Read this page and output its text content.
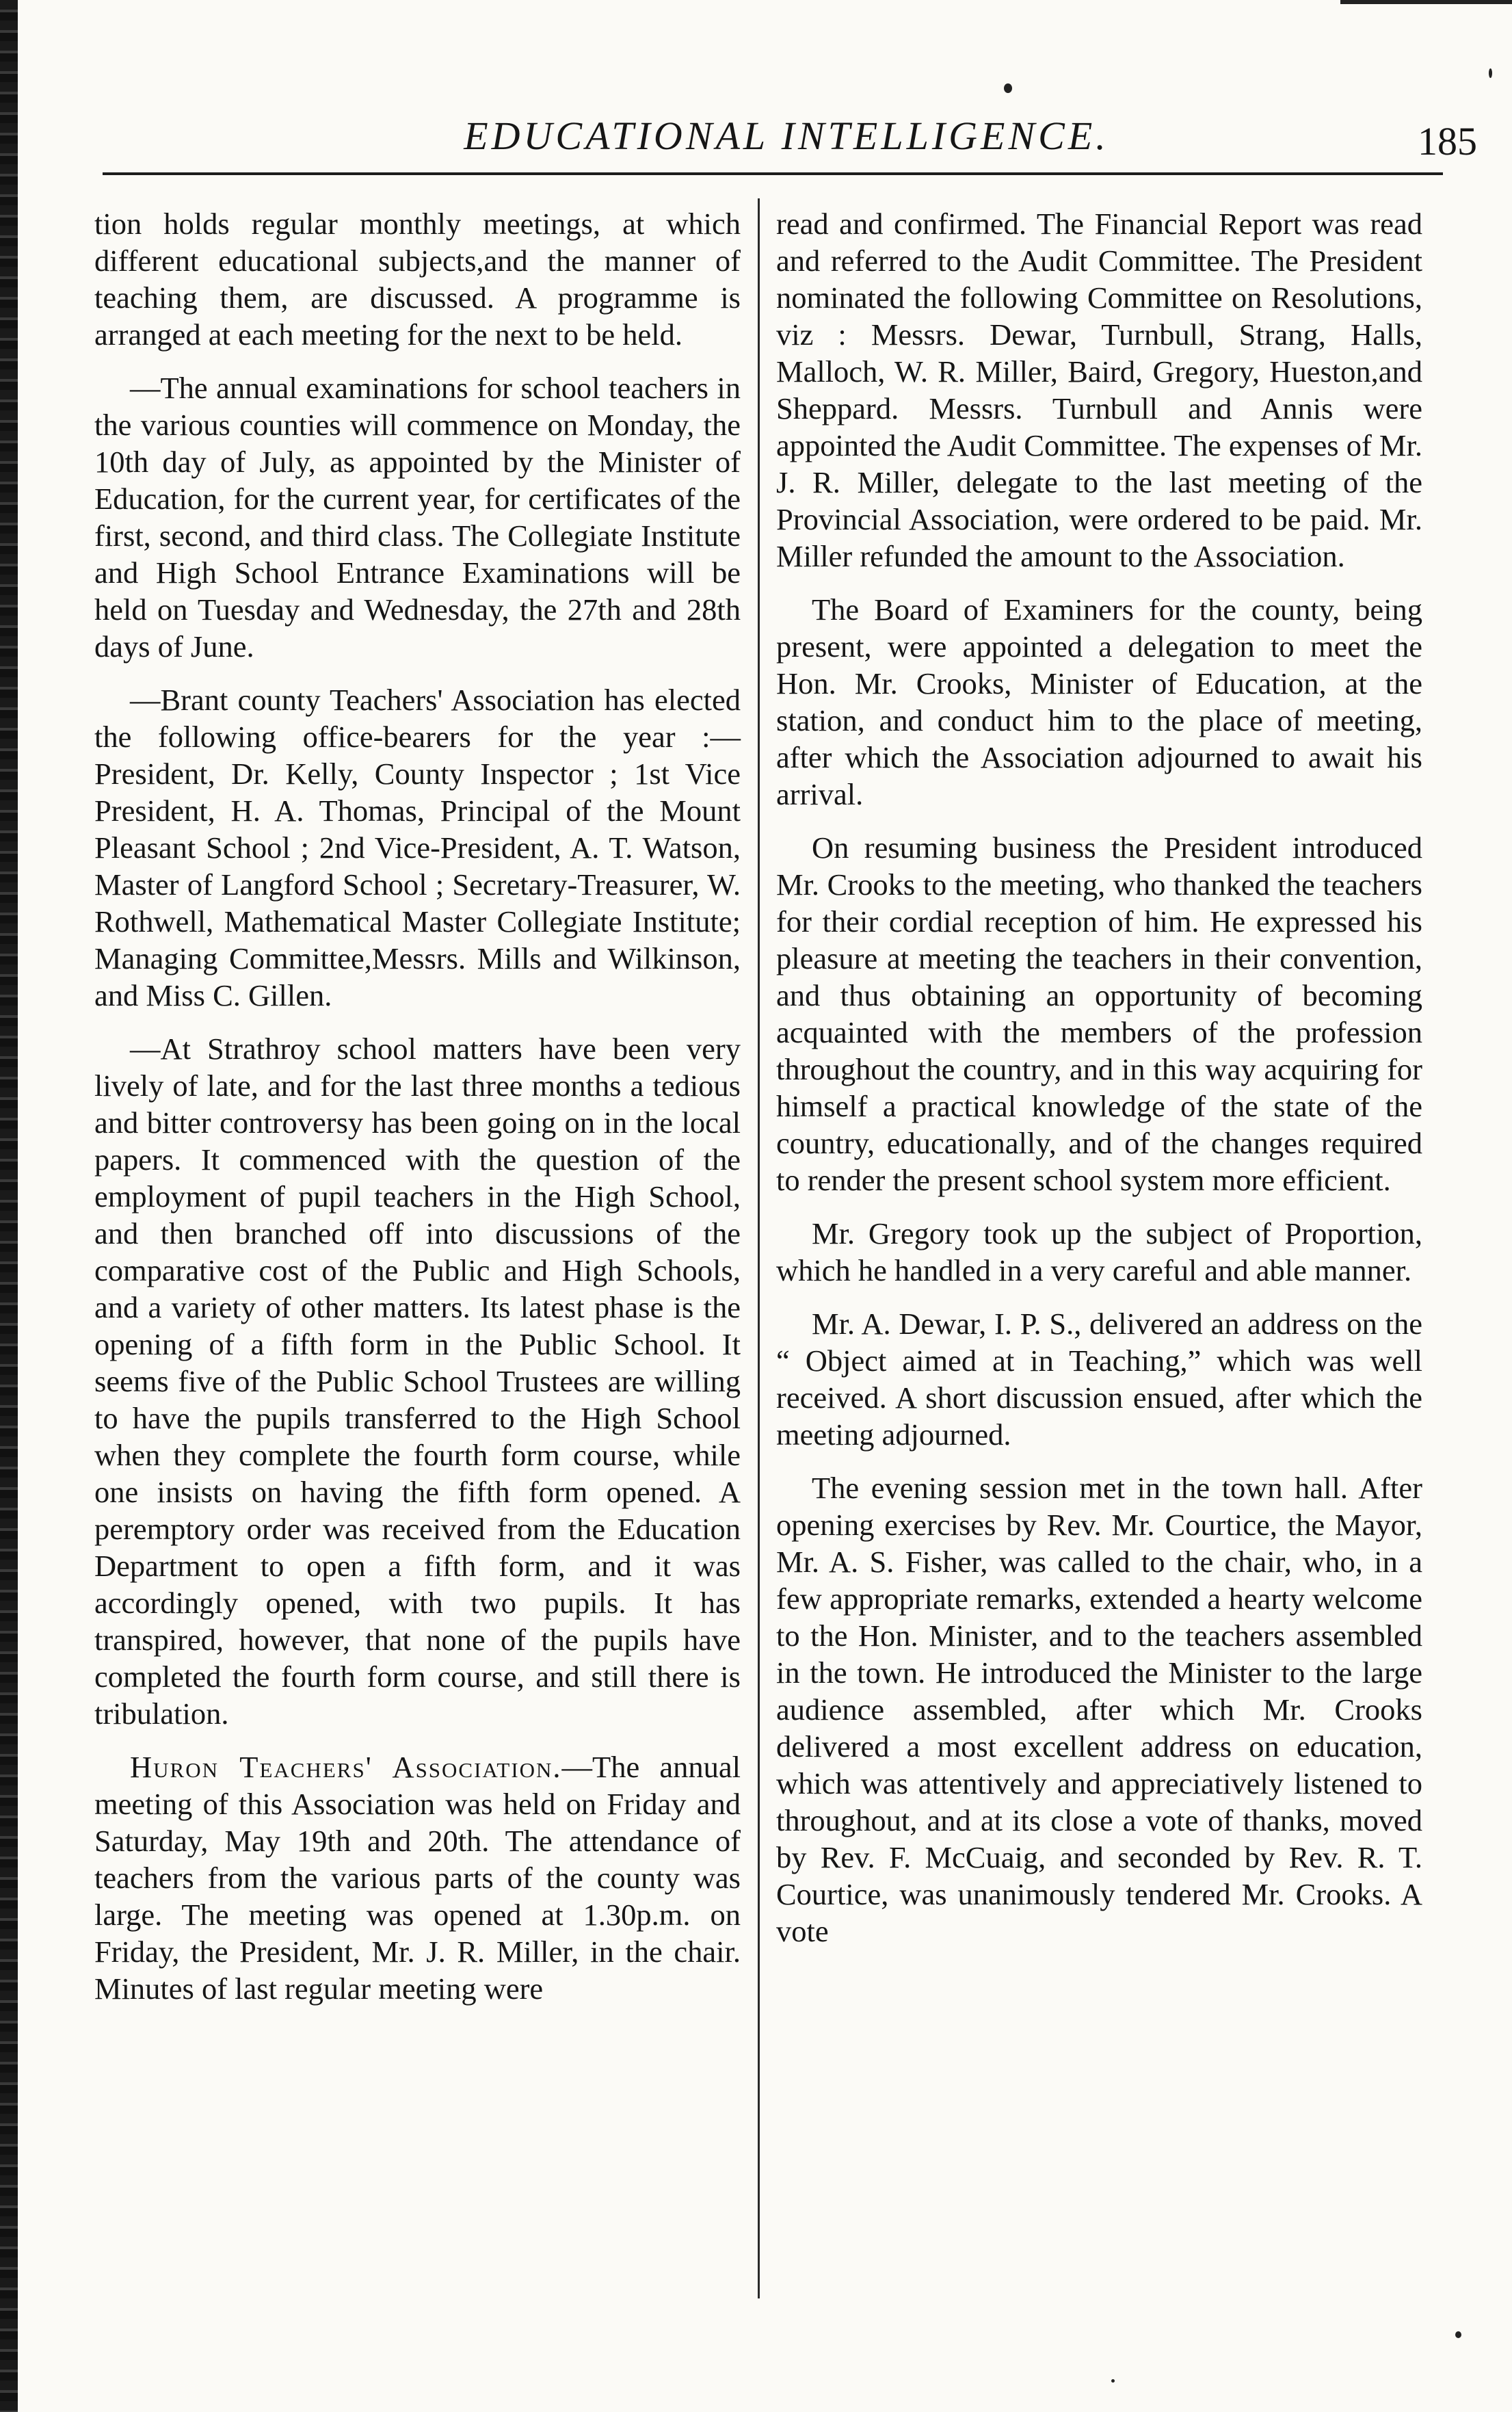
EDUCATIONAL INTELLIGENCE.	185

tion holds regular monthly meetings, at which different educational subjects,and the manner of teaching them, are discussed. A programme is arranged at each meeting for the next to be held.

—The annual examinations for school teachers in the various counties will commence on Monday, the 10th day of July, as appointed by the Minister of Education, for the current year, for certificates of the first, second, and third class. The Collegiate Institute and High School Entrance Examinations will be held on Tuesday and Wednesday, the 27th and 28th days of June.

—Brant county Teachers' Association has elected the following office-bearers for the year :—President, Dr. Kelly, County Inspector ; 1st Vice President, H. A. Thomas, Principal of the Mount Pleasant School ; 2nd Vice-President, A. T. Watson, Master of Langford School ; Secretary-Treasurer, W. Rothwell, Mathematical Master Collegiate Institute; Managing Committee,Messrs. Mills and Wilkinson, and Miss C. Gillen.

—At Strathroy school matters have been very lively of late, and for the last three months a tedious and bitter controversy has been going on in the local papers. It commenced with the question of the employment of pupil teachers in the High School, and then branched off into discussions of the comparative cost of the Public and High Schools, and a variety of other matters. Its latest phase is the opening of a fifth form in the Public School. It seems five of the Public School Trustees are willing to have the pupils transferred to the High School when they complete the fourth form course, while one insists on having the fifth form opened. A peremptory order was received from the Education Department to open a fifth form, and it was accordingly opened, with two pupils. It has transpired, however, that none of the pupils have completed the fourth form course, and still there is tribulation.

Huron Teachers' Association.—The annual meeting of this Association was held on Friday and Saturday, May 19th and 20th. The attendance of teachers from the various parts of the county was large. The meeting was opened at 1.30p.m. on Friday, the President, Mr. J. R. Miller, in the chair. Minutes of last regular meeting were

read and confirmed. The Financial Report was read and referred to the Audit Committee. The President nominated the following Committee on Resolutions, viz : Messrs. Dewar, Turnbull, Strang, Halls, Malloch, W. R. Miller, Baird, Gregory, Hueston,and Sheppard. Messrs. Turnbull and Annis were appointed the Audit Committee. The expenses of Mr. J. R. Miller, delegate to the last meeting of the Provincial Association, were ordered to be paid. Mr. Miller refunded the amount to the Association.

The Board of Examiners for the county, being present, were appointed a delegation to meet the Hon. Mr. Crooks, Minister of Education, at the station, and conduct him to the place of meeting, after which the Association adjourned to await his arrival.

On resuming business the President introduced Mr. Crooks to the meeting, who thanked the teachers for their cordial reception of him. He expressed his pleasure at meeting the teachers in their convention, and thus obtaining an opportunity of becoming acquainted with the members of the profession throughout the country, and in this way acquiring for himself a practical knowledge of the state of the country, educationally, and of the changes required to render the present school system more efficient.

Mr. Gregory took up the subject of Proportion, which he handled in a very careful and able manner.

Mr. A. Dewar, I. P. S., delivered an address on the “ Object aimed at in Teaching,” which was well received. A short discussion ensued, after which the meeting adjourned.

The evening session met in the town hall. After opening exercises by Rev. Mr. Courtice, the Mayor, Mr. A. S. Fisher, was called to the chair, who, in a few appropriate remarks, extended a hearty welcome to the Hon. Minister, and to the teachers assembled in the town. He introduced the Minister to the large audience assembled, after which Mr. Crooks delivered a most excellent address on education, which was attentively and appreciatively listened to throughout, and at its close a vote of thanks, moved by Rev. F. McCuaig, and seconded by Rev. R. T. Courtice, was unanimously tendered Mr. Crooks. A vote
